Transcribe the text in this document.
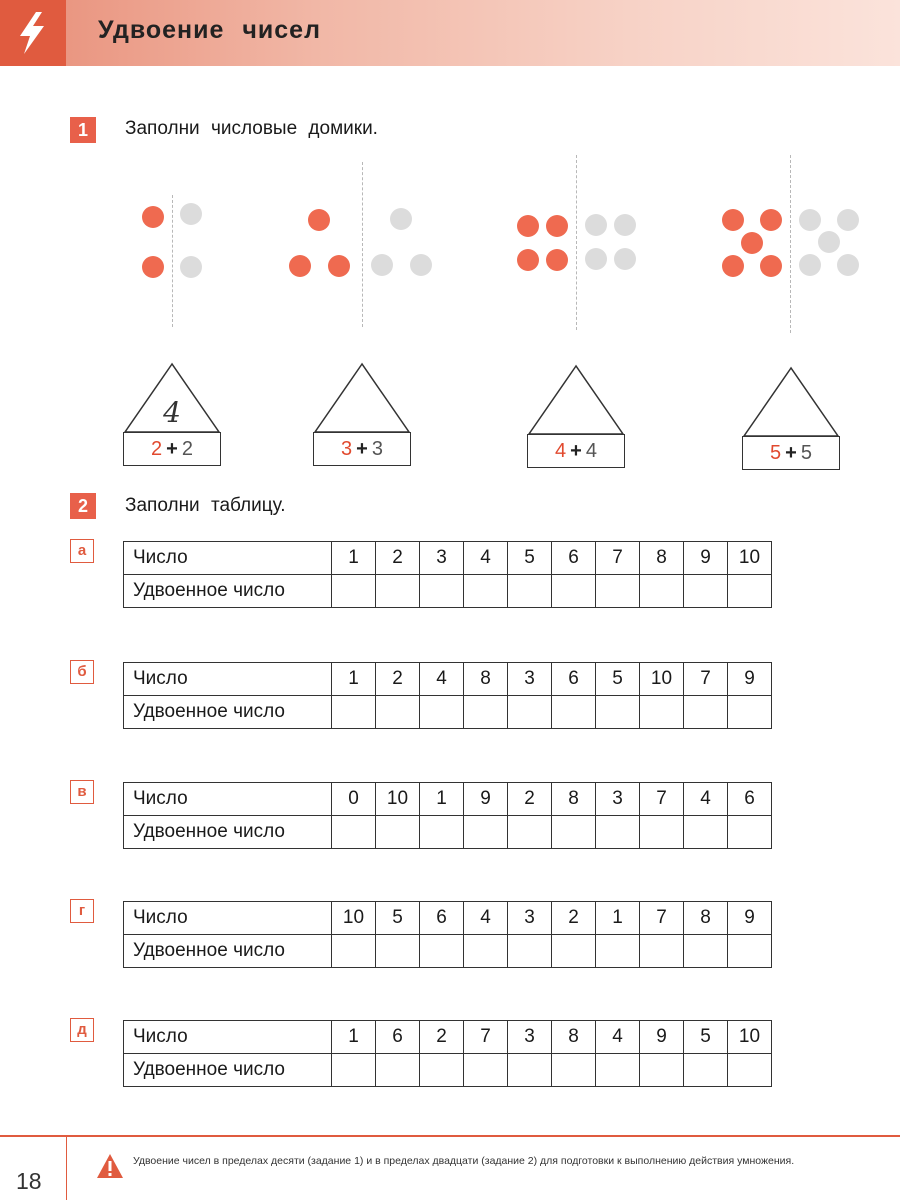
Удвоение чисел
1	Заполни числовые домики.
4
2 + 2	3 + 3	4 + 4	5 + 5
2	Заполни таблицу.
а	Число	1	2	3	4	5	6	7	8	9	10
Удвоенное число										
б	Число	1	2	4	8	3	6	5	10	7	9
Удвоенное число										
в	Число	0	10	1	9	2	8	3	7	4	6
Удвоенное число										
г	Число	10	5	6	4	3	2	1	7	8	9
Удвоенное число										
д	Число	1	6	2	7	3	8	4	9	5	10
Удвоенное число										
18
Удвоение чисел в пределах десяти (задание 1) и в пределах двадцати (задание 2) для подготовки к выполнению действия умножения.
